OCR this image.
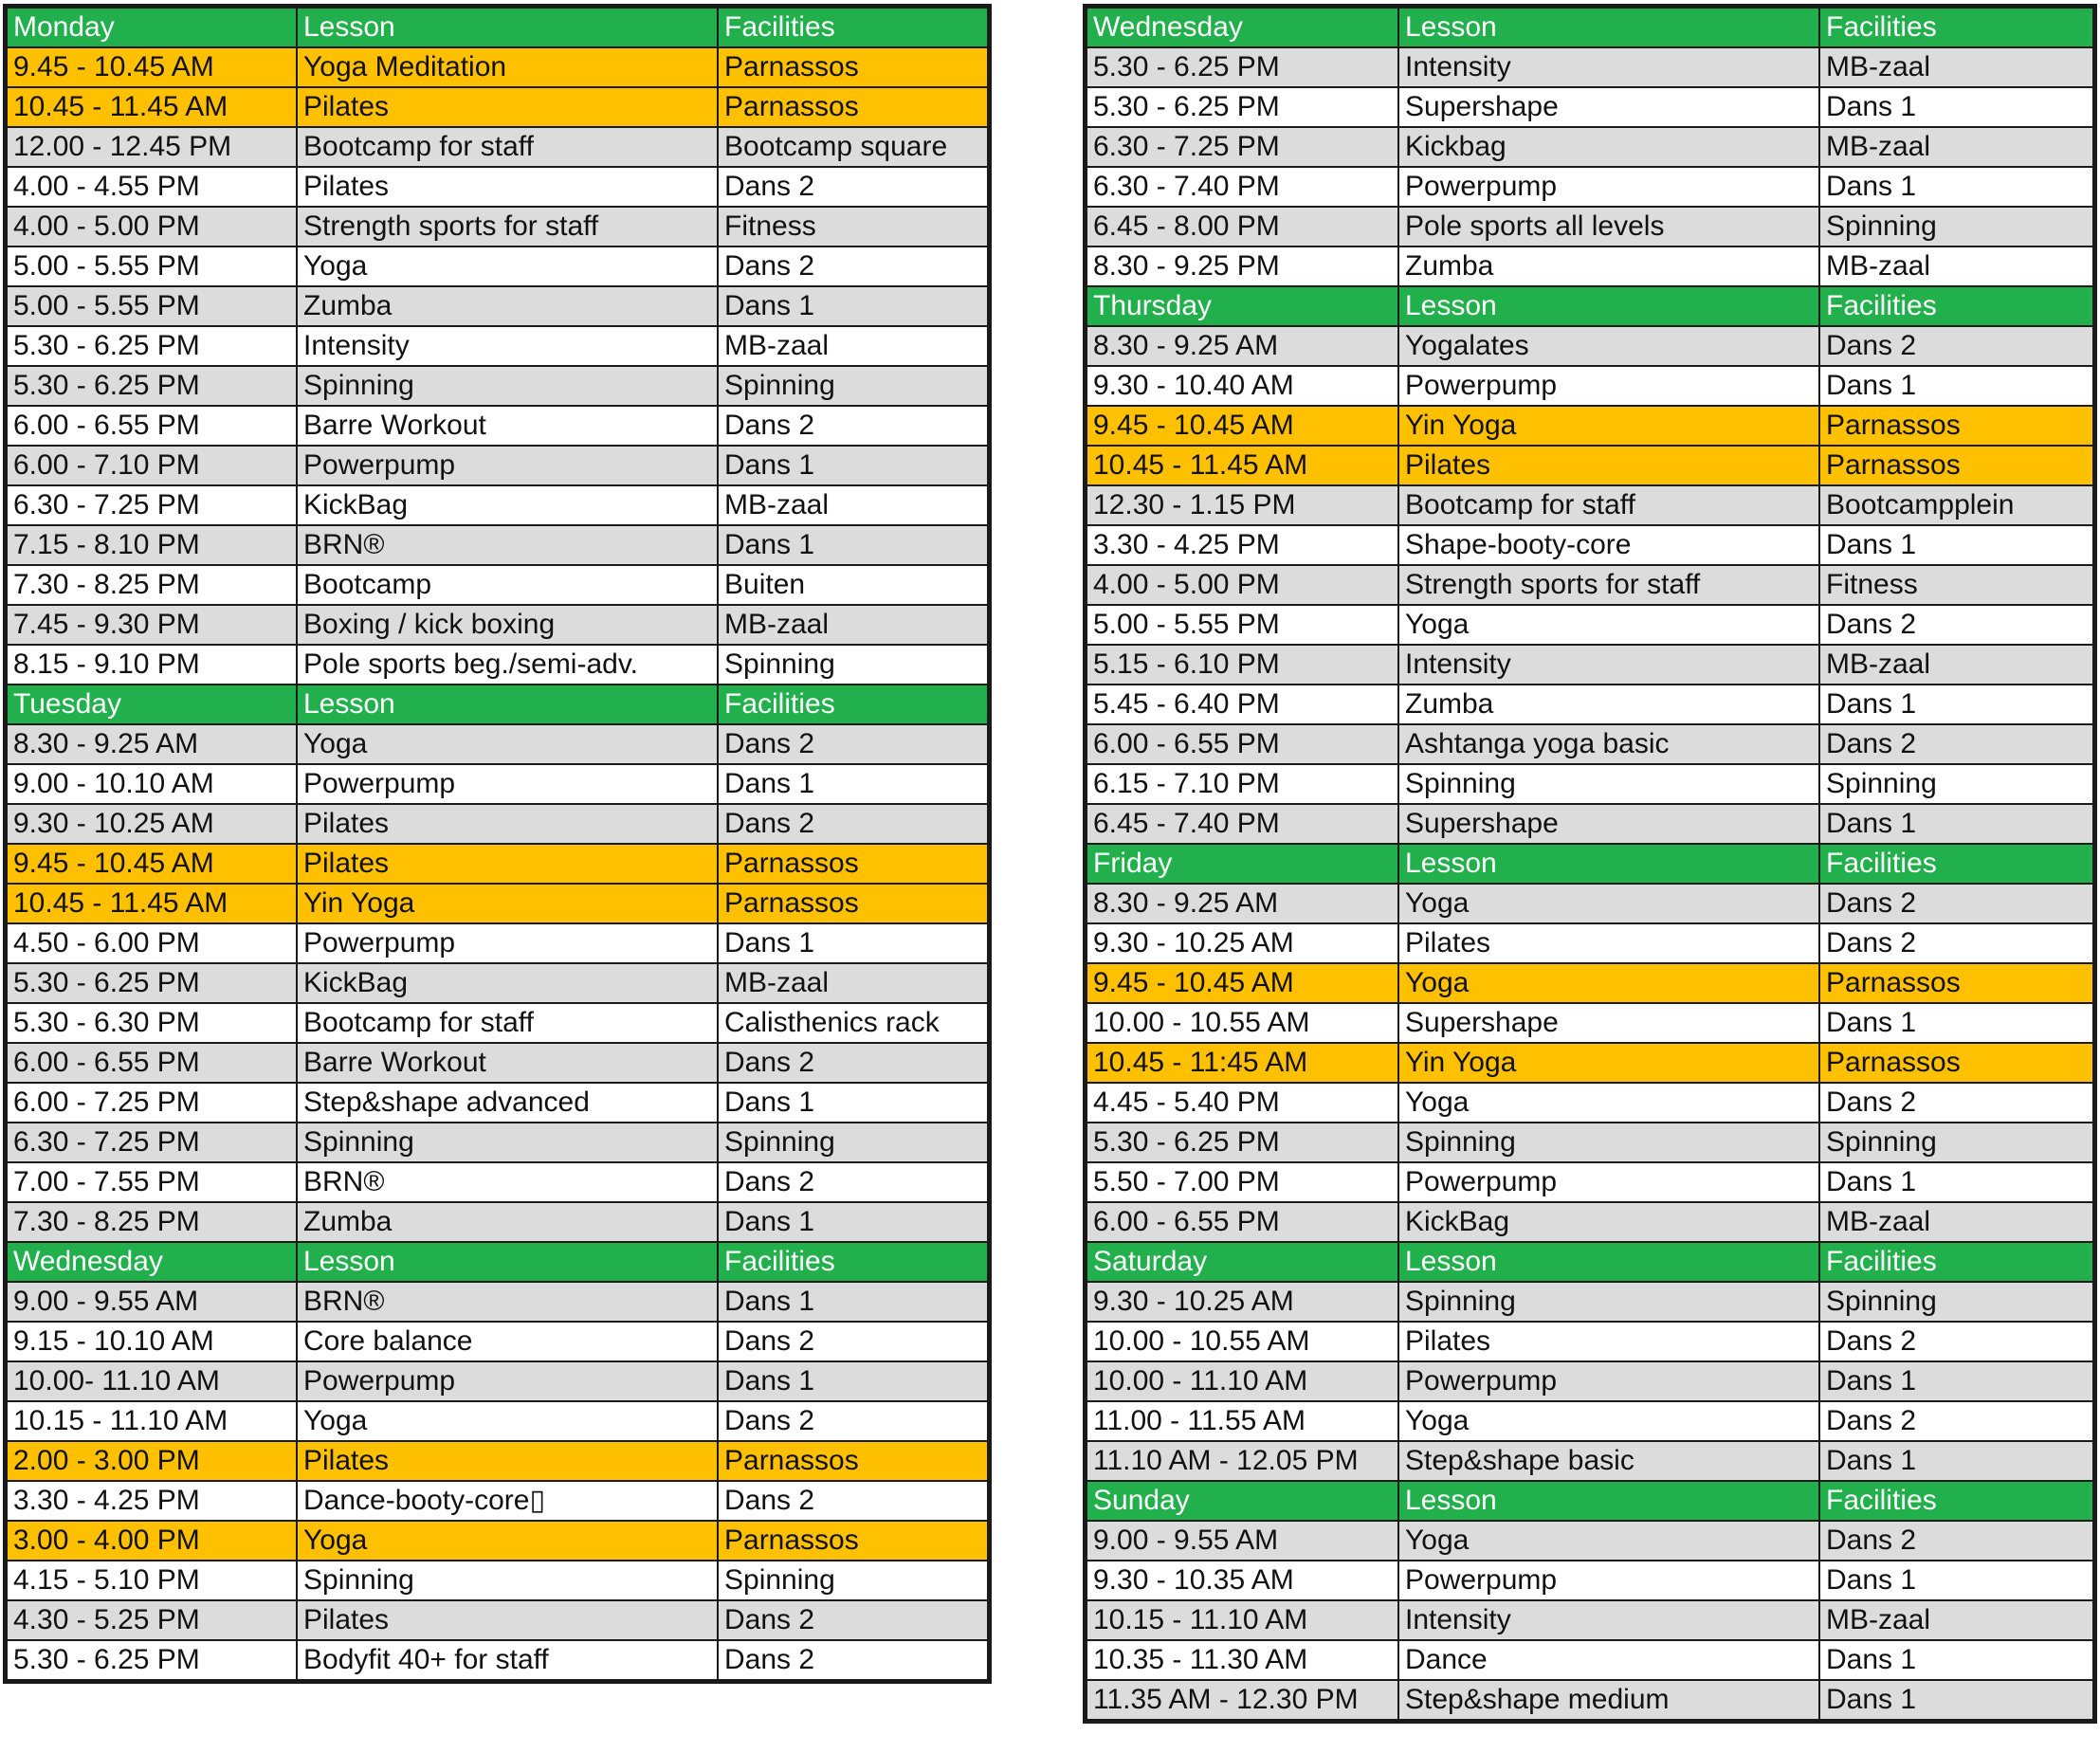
Monday	Lesson	Facilities
9.45 - 10.45 AM	Yoga Meditation	Parnassos
10.45 - 11.45 AM	Pilates	Parnassos
12.00 - 12.45 PM	Bootcamp for staff	Bootcamp square
4.00 - 4.55 PM	Pilates	Dans 2
4.00 - 5.00 PM	Strength sports for staff	Fitness
5.00 - 5.55 PM	Yoga	Dans 2
5.00 - 5.55 PM	Zumba	Dans 1
5.30 - 6.25 PM	Intensity	MB-zaal
5.30 - 6.25 PM	Spinning	Spinning
6.00 - 6.55 PM	Barre Workout	Dans 2
6.00 - 7.10 PM	Powerpump	Dans 1
6.30 - 7.25 PM	KickBag	MB-zaal
7.15 - 8.10 PM	BRN®	Dans 1
7.30 - 8.25 PM	Bootcamp	Buiten
7.45 - 9.30 PM	Boxing / kick boxing	MB-zaal
8.15 - 9.10 PM	Pole sports beg./semi-adv.	Spinning
Tuesday	Lesson	Facilities
8.30 - 9.25 AM	Yoga	Dans 2
9.00 - 10.10 AM	Powerpump	Dans 1
9.30 - 10.25 AM	Pilates	Dans 2
9.45 - 10.45 AM	Pilates	Parnassos
10.45 - 11.45 AM	Yin Yoga	Parnassos
4.50 - 6.00 PM	Powerpump	Dans 1
5.30 - 6.25 PM	KickBag	MB-zaal
5.30 - 6.30 PM	Bootcamp for staff	Calisthenics rack
6.00 - 6.55 PM	Barre Workout	Dans 2
6.00 - 7.25 PM	Step&shape advanced	Dans 1
6.30 - 7.25 PM	Spinning	Spinning
7.00 - 7.55 PM	BRN®	Dans 2
7.30 - 8.25 PM	Zumba	Dans 1
Wednesday	Lesson	Facilities
9.00 - 9.55 AM	BRN®	Dans 1
9.15 - 10.10 AM	Core balance	Dans 2
10.00- 11.10 AM	Powerpump	Dans 1
10.15 - 11.10 AM	Yoga	Dans 2
2.00 - 3.00 PM	Pilates	Parnassos
3.30 - 4.25 PM	Dance-booty-core▯	Dans 2
3.00 - 4.00 PM	Yoga	Parnassos
4.15 - 5.10 PM	Spinning	Spinning
4.30 - 5.25 PM	Pilates	Dans 2
5.30 - 6.25 PM	Bodyfit 40+ for staff	Dans 2
Wednesday	Lesson	Facilities
5.30 - 6.25 PM	Intensity	MB-zaal
5.30 - 6.25 PM	Supershape	Dans 1
6.30 - 7.25 PM	Kickbag	MB-zaal
6.30 - 7.40 PM	Powerpump	Dans 1
6.45 - 8.00 PM	Pole sports all levels	Spinning
8.30 - 9.25 PM	Zumba	MB-zaal
Thursday	Lesson	Facilities
8.30 - 9.25 AM	Yogalates	Dans 2
9.30 - 10.40 AM	Powerpump	Dans 1
9.45 - 10.45 AM	Yin Yoga	Parnassos
10.45 - 11.45 AM	Pilates	Parnassos
12.30 - 1.15 PM	Bootcamp for staff	Bootcampplein
3.30 - 4.25 PM	Shape-booty-core	Dans 1
4.00 - 5.00 PM	Strength sports for staff	Fitness
5.00 - 5.55 PM	Yoga	Dans 2
5.15 - 6.10 PM	Intensity	MB-zaal
5.45 - 6.40 PM	Zumba	Dans 1
6.00 - 6.55 PM	Ashtanga yoga basic	Dans 2
6.15 - 7.10 PM	Spinning	Spinning
6.45 - 7.40 PM	Supershape	Dans 1
Friday	Lesson	Facilities
8.30 - 9.25 AM	Yoga	Dans 2
9.30 - 10.25 AM	Pilates	Dans 2
9.45 - 10.45 AM	Yoga	Parnassos
10.00 - 10.55 AM	Supershape	Dans 1
10.45 - 11:45 AM	Yin Yoga	Parnassos
4.45 - 5.40 PM	Yoga	Dans 2
5.30 - 6.25 PM	Spinning	Spinning
5.50 - 7.00 PM	Powerpump	Dans 1
6.00 - 6.55 PM	KickBag	MB-zaal
Saturday	Lesson	Facilities
9.30 - 10.25 AM	Spinning	Spinning
10.00 - 10.55 AM	Pilates	Dans 2
10.00 - 11.10 AM	Powerpump	Dans 1
11.00 - 11.55 AM	Yoga	Dans 2
11.10 AM - 12.05 PM	Step&shape basic	Dans 1
Sunday	Lesson	Facilities
9.00 - 9.55 AM	Yoga	Dans 2
9.30 - 10.35 AM	Powerpump	Dans 1
10.15 - 11.10 AM	Intensity	MB-zaal
10.35 - 11.30 AM	Dance	Dans 1
11.35 AM - 12.30 PM	Step&shape medium	Dans 1
